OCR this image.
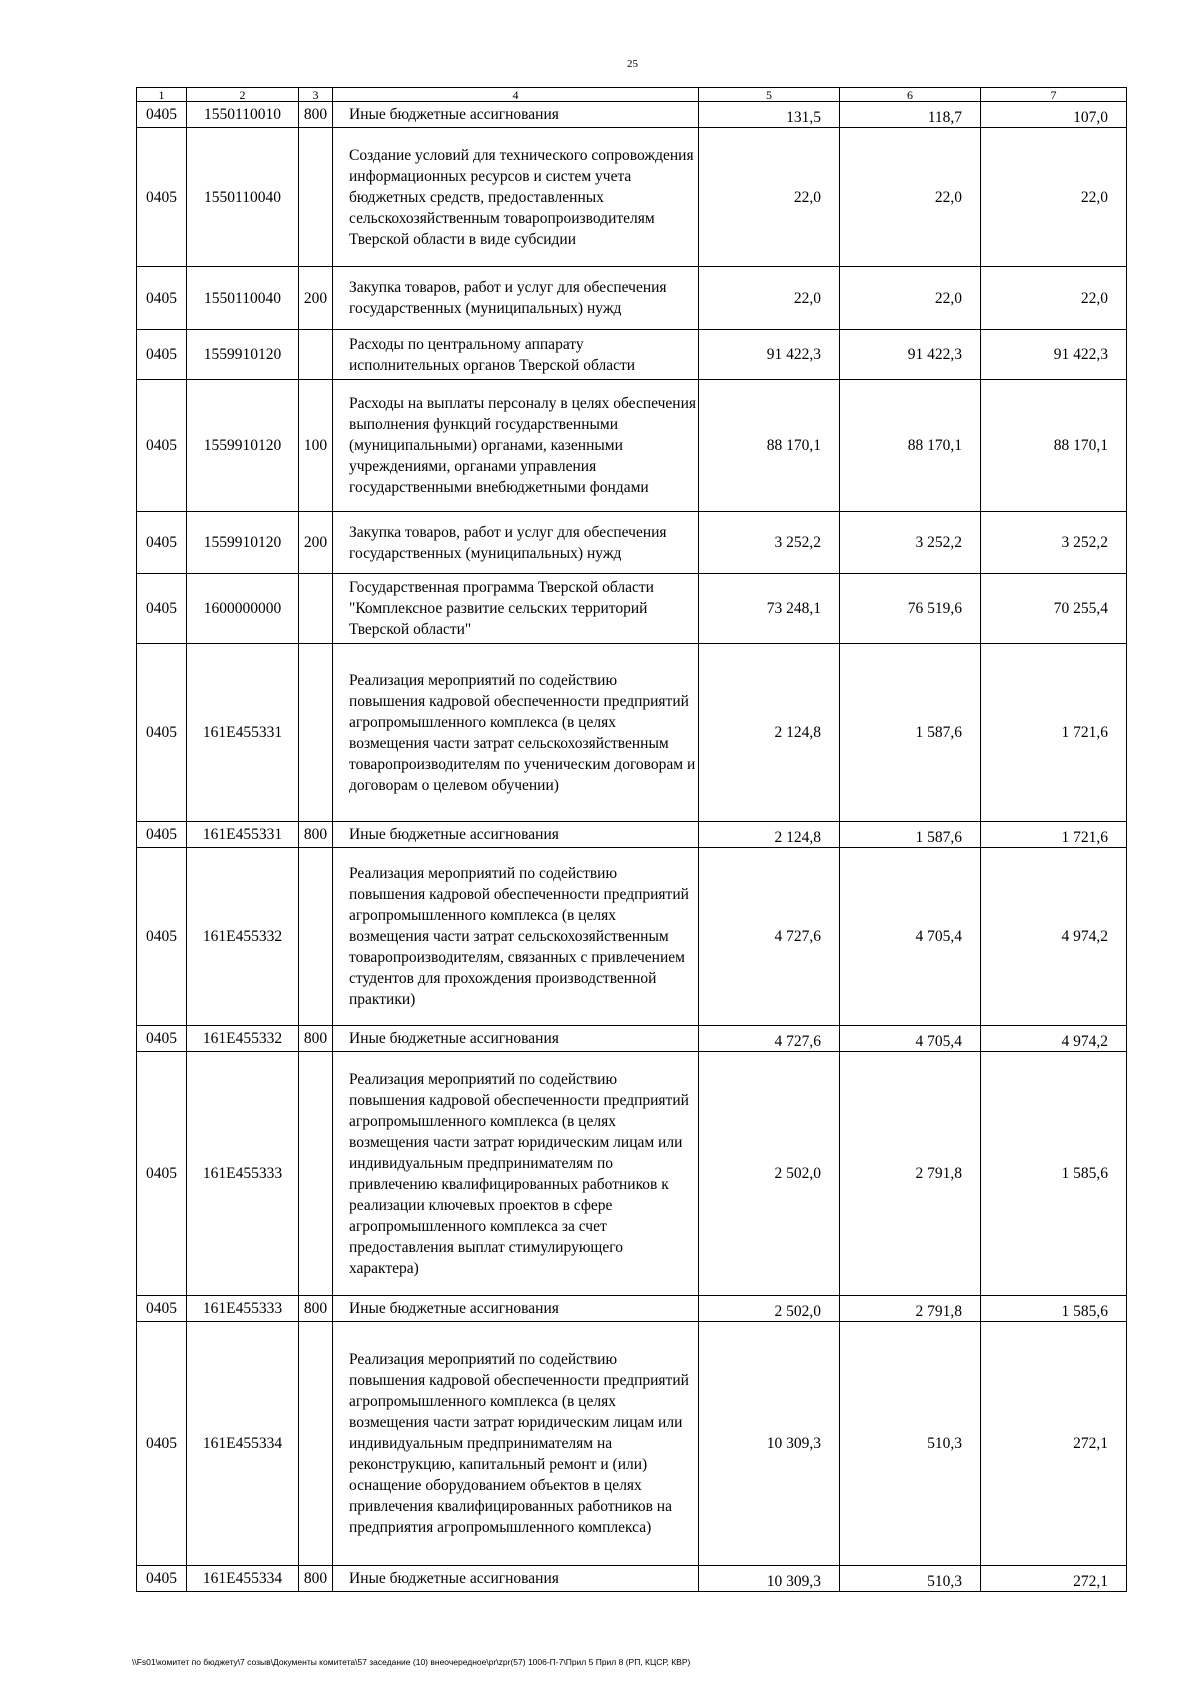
25
1	2	3	4	5	6	7
0405	1550110010	800	Иные бюджетные ассигнования	131,5	118,7	107,0
0405	1550110040		Создание условий для технического сопровождения информационных ресурсов и систем учета бюджетных средств, предоставленных сельскохозяйственным товаропроизводителям Тверской области в виде субсидии	22,0	22,0	22,0
0405	1550110040	200	Закупка товаров, работ и услуг для обеспечения государственных (муниципальных) нужд	22,0	22,0	22,0
0405	1559910120		Расходы по центральному аппарату исполнительных органов Тверской области	91 422,3	91 422,3	91 422,3
0405	1559910120	100	Расходы на выплаты персоналу в целях обеспечения выполнения функций государственными (муниципальными) органами, казенными учреждениями, органами управления государственными внебюджетными фондами	88 170,1	88 170,1	88 170,1
0405	1559910120	200	Закупка товаров, работ и услуг для обеспечения государственных (муниципальных) нужд	3 252,2	3 252,2	3 252,2
0405	1600000000		Государственная программа Тверской области "Комплексное развитие сельских территорий Тверской области"	73 248,1	76 519,6	70 255,4
0405	161E455331		Реализация мероприятий по содействию повышения кадровой обеспеченности предприятий агропромышленного комплекса (в целях возмещения части затрат сельскохозяйственным товаропроизводителям по ученическим договорам и договорам о целевом обучении)	2 124,8	1 587,6	1 721,6
0405	161E455331	800	Иные бюджетные ассигнования	2 124,8	1 587,6	1 721,6
0405	161E455332		Реализация мероприятий по содействию повышения кадровой обеспеченности предприятий агропромышленного комплекса (в целях возмещения части затрат сельскохозяйственным товаропроизводителям, связанных с привлечением студентов для прохождения производственной практики)	4 727,6	4 705,4	4 974,2
0405	161E455332	800	Иные бюджетные ассигнования	4 727,6	4 705,4	4 974,2
0405	161E455333		Реализация мероприятий по содействию повышения кадровой обеспеченности предприятий агропромышленного комплекса (в целях возмещения части затрат юридическим лицам или индивидуальным предпринимателям по привлечению квалифицированных работников к реализации ключевых проектов в сфере агропромышленного комплекса за счет предоставления выплат стимулирующего характера)	2 502,0	2 791,8	1 585,6
0405	161E455333	800	Иные бюджетные ассигнования	2 502,0	2 791,8	1 585,6
0405	161E455334		Реализация мероприятий по содействию повышения кадровой обеспеченности предприятий агропромышленного комплекса (в целях возмещения части затрат юридическим лицам или индивидуальным предпринимателям на реконструкцию, капитальный ремонт и (или) оснащение оборудованием объектов в целях привлечения квалифицированных работников на предприятия агропромышленного комплекса)	10 309,3	510,3	272,1
0405	161E455334	800	Иные бюджетные ассигнования	10 309,3	510,3	272,1
\\Fs01\комитет по бюджету\7 созыв\Документы комитета\57 заседание (10) внеочередное\pr\zpr(57) 1006-П-7\Прил 5 Прил 8 (РП, КЦСР, КВР)
